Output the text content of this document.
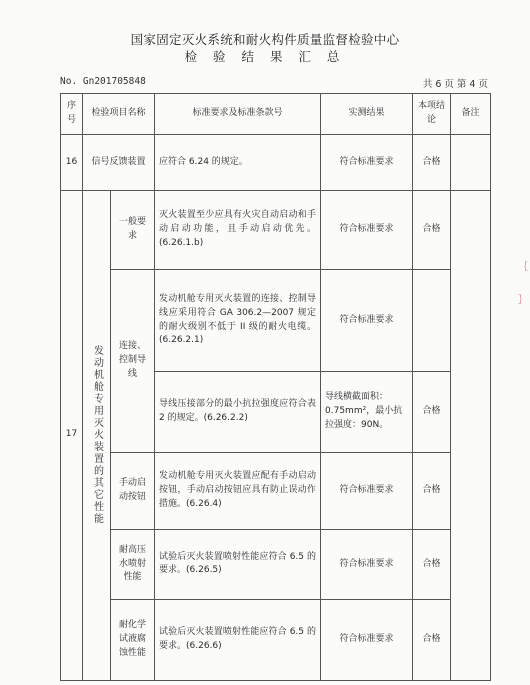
国家固定灭火系统和耐火构件质量监督检验中心
检 验 结 果 汇 总
No. Gn201705848	共 6 页 第 4 页
序号	检验项目名称		标准要求及标准条款号	实测结果	本项结论	备注
16	信号反馈装置		应符合 6.24 的规定。	符合标准要求	合格	
17	发动机舱专用灭火装置的其它性能	一般要求	灭火装置至少应具有火灾自动启动和手动启动功能，且手动启动优先。(6.26.1.b)	符合标准要求	合格	
		连接、控制导线	发动机舱专用灭火装置的连接、控制导线应采用符合 GA 306.2—2007 规定的耐火级别不低于 II 级的耐火电缆。(6.26.2.1)	符合标准要求		
			导线压接部分的最小抗拉强度应符合表 2 的规定。(6.26.2.2)	导线横截面积：0.75mm²，最小抗拉强度：90N。	合格	
		手动启动按钮	发动机舱专用灭火装置应配有手动启动按钮，手动启动按钮应具有防止误动作措施。(6.26.4)	符合标准要求	合格	
		耐高压水喷射性能	试验后灭火装置喷射性能应符合 6.5 的要求。(6.26.5)	符合标准要求	合格	
		耐化学试液腐蚀性能	试验后灭火装置喷射性能应符合 6.5 的要求。(6.26.6)	符合标准要求	合格	
｛
｝
